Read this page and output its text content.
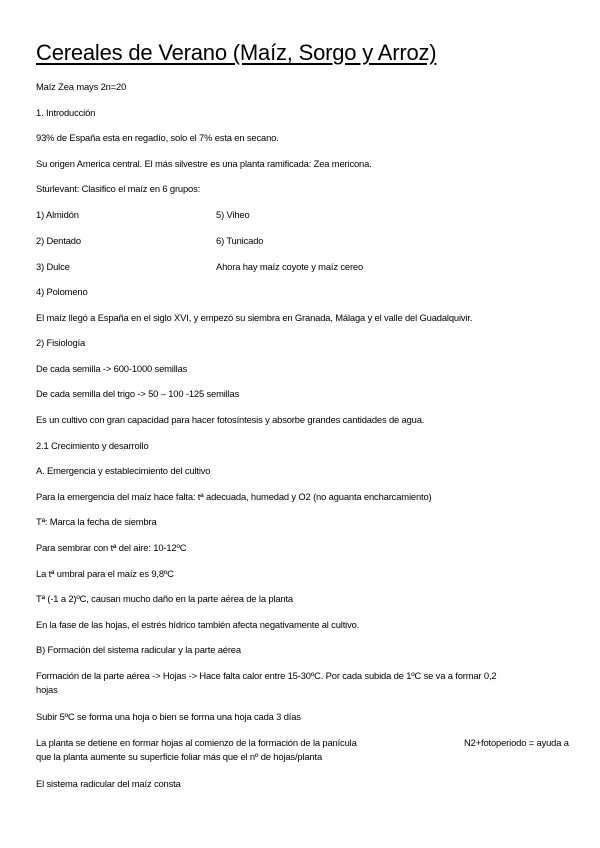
Cereales de Verano (Maíz, Sorgo y Arroz)

Maíz Zea mays 2n=20

1. Introducción

93% de España esta en regadío, solo el 7% esta en secano.

Su origen America central. El más silvestre es una planta ramificada: Zea mericona.

Sturlevant: Clasifico el maíz en 6 grupos:

1) Almidón	5) Viheo
2) Dentado	6) Tunicado
3) Dulce	Ahora hay maíz coyote y maíz cereo

4) Polomeno

El maíz llegó a España en el siglo XVI, y empezó su siembra en Granada, Málaga y el valle del Guadalquivir.

2) Fisiología

De cada semilla -> 600-1000 semillas

De cada semilla del trigo -> 50 – 100 -125 semillas

Es un cultivo con gran capacidad para hacer fotosíntesis y absorbe grandes cantidades de agua.

2.1 Crecimiento y desarrollo

A. Emergencia y establecimiento del cultivo

Para la emergencia del maíz hace falta: tª adecuada, humedad y O2 (no aguanta encharcamiento)

Tª: Marca la fecha de siembra

Para sembrar con tª del aire: 10-12ºC

La tª umbral para el maíz es 9,8ºC

Tª (-1 a 2)ºC, causan mucho daño en la parte aérea de la planta

En la fase de las hojas, el estrés hídrico también afecta negativamente al cultivo.

B) Formación del sistema radicular y la parte aérea

Formación de la parte aérea -> Hojas -> Hace falta calor entre 15-30ºC. Por cada subida de 1ºC se va a formar 0,2

hojas

Subir 5ºC se forma una hoja o bien se forma una hoja cada 3 días

La planta se detiene en formar hojas al comienzo de la formación de la panícula	N2+fotoperiodo = ayuda a

que la planta aumente su superficie foliar más que el nº de hojas/planta

El sistema radicular del maíz consta
